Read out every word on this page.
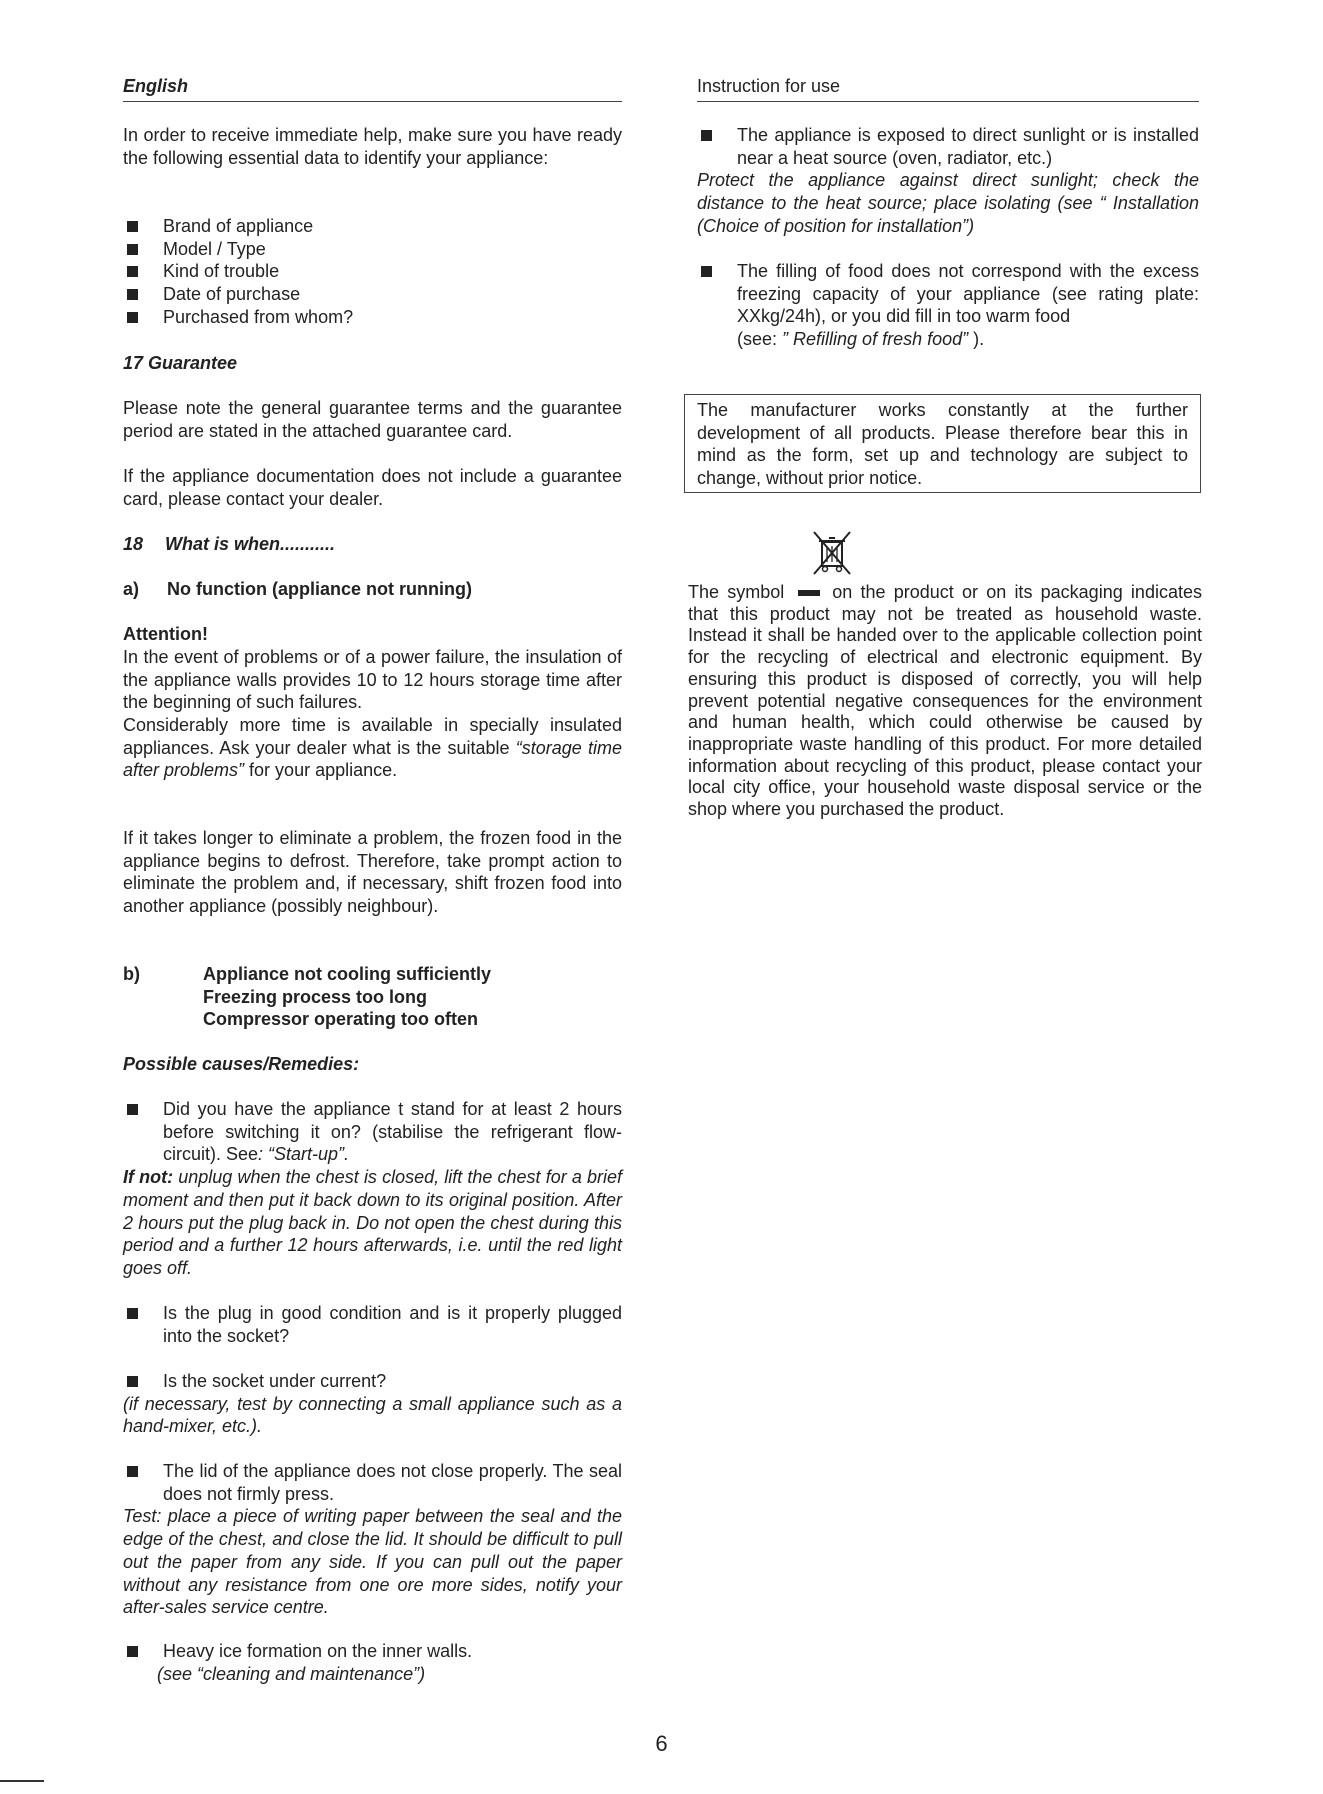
English	Instruction for use

In order to receive immediate help, make sure you have ready the following essential data to identify your appliance:

Brand of appliance
Model / Type
Kind of trouble
Date of purchase
Purchased from whom?

17 Guarantee

Please note the general guarantee terms and the guarantee period are stated in the attached guarantee card.

If the appliance documentation does not include a guarantee card, please contact your dealer.

18 What is when...........

a)	No function (appliance not running)

Attention!

In the event of problems or of a power failure, the insulation of the appliance walls provides 10 to 12 hours storage time after the beginning of such failures.

Considerably more time is available in specially insulated appliances. Ask your dealer what is the suitable “storage time after problems” for your appliance.

If it takes longer to eliminate a problem, the frozen food in the appliance begins to defrost. Therefore, take prompt action to eliminate the problem and, if necessary, shift frozen food into another appliance (possibly neighbour).

b)	Appliance not cooling sufficiently
Freezing process too long
Compressor operating too often

Possible causes/Remedies:

Did you have the appliance t stand for at least 2 hours before switching it on? (stabilise the refrigerant flow-circuit). See: “Start-up”.

If not: unplug when the chest is closed, lift the chest for a brief moment and then put it back down to its original position. After 2 hours put the plug back in. Do not open the chest during this period and a further 12 hours afterwards, i.e. until the red light goes off.

Is the plug in good condition and is it properly plugged into the socket?

Is the socket under current?

(if necessary, test by connecting a small appliance such as a hand-mixer, etc.).

The lid of the appliance does not close properly. The seal does not firmly press.

Test: place a piece of writing paper between the seal and the edge of the chest, and close the lid. It should be difficult to pull out the paper from any side. If you can pull out the paper without any resistance from one ore more sides, notify your after-sales service centre.

Heavy ice formation on the inner walls.

(see “cleaning and maintenance”)

The appliance is exposed to direct sunlight or is installed near a heat source (oven, radiator, etc.)

Protect the appliance against direct sunlight; check the distance to the heat source; place isolating (see “ Installation (Choice of position for installation”)

The filling of food does not correspond with the excess freezing capacity of your appliance (see rating plate: XXkg/24h), or you did fill in too warm food

(see: ” Refilling of fresh food” ).

The manufacturer works constantly at the further development of all products. Please therefore bear this in mind as the form, set up and technology are subject to change, without prior notice.

The symbol	on the product or on its packaging indicates that this product may not be treated as household waste. Instead it shall be handed over to the applicable collection point for the recycling of electrical and electronic equipment. By ensuring this product is disposed of correctly, you will help prevent potential negative consequences for the environment and human health, which could otherwise be caused by inappropriate waste handling of this product. For more detailed information about recycling of this product, please contact your local city office, your household waste disposal service or the shop where you purchased the product.

6
